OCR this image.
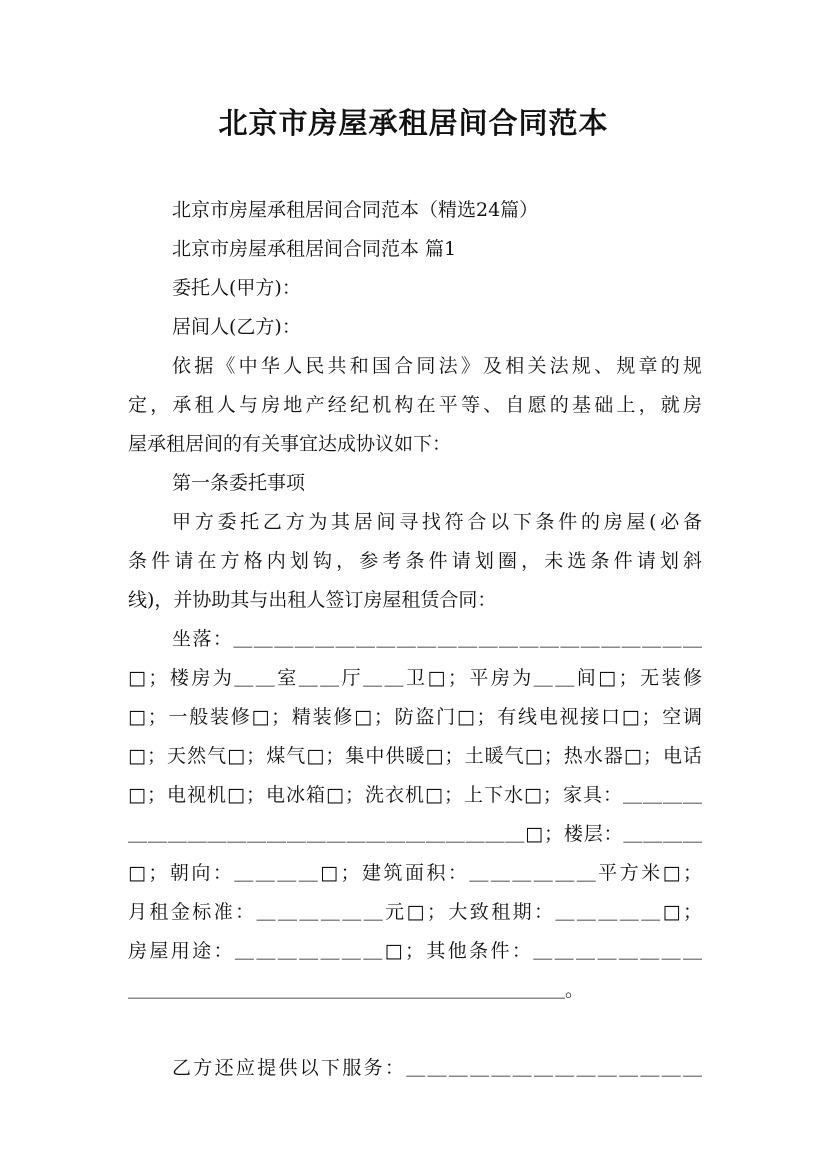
北京市房屋承租居间合同范本
北京市房屋承租居间合同范本（精选24篇）
北京市房屋承租居间合同范本 篇1
委托人(甲方)：
居间人(乙方)：
依据《中华人民共和国合同法》及相关法规、规章的规
定，承租人与房地产经纪机构在平等、自愿的基础上，就房
屋承租居间的有关事宜达成协议如下：
第一条委托事项
甲方委托乙方为其居间寻找符合以下条件的房屋(必备
条件请在方格内划钩，参考条件请划圈，未选条件请划斜
线)，并协助其与出租人签订房屋租赁合同：
坐落：＿＿＿＿＿＿＿＿＿＿＿＿＿＿＿＿＿＿＿＿＿＿＿
□；楼房为＿＿室＿＿厅＿＿卫□；平房为＿＿间□；无装修
□；一般装修□；精装修□；防盗门□；有线电视接口□；空调
□；天然气□；煤气□；集中供暖□；土暖气□；热水器□；电话
□；电视机□；电冰箱□；洗衣机□；上下水□；家具：＿＿＿＿
＿＿＿＿＿＿＿＿＿＿＿＿＿＿＿＿＿＿＿＿□；楼层：＿＿＿＿
□；朝向：＿＿＿＿□；建筑面积：＿＿＿＿＿＿平方米□；
月租金标准：＿＿＿＿＿＿元□；大致租期：＿＿＿＿＿□；
房屋用途：＿＿＿＿＿＿＿□；其他条件：＿＿＿＿＿＿＿＿
＿＿＿＿＿＿＿＿＿＿＿＿＿＿＿＿＿＿＿＿＿＿＿。
乙方还应提供以下服务：＿＿＿＿＿＿＿＿＿＿＿＿＿＿
